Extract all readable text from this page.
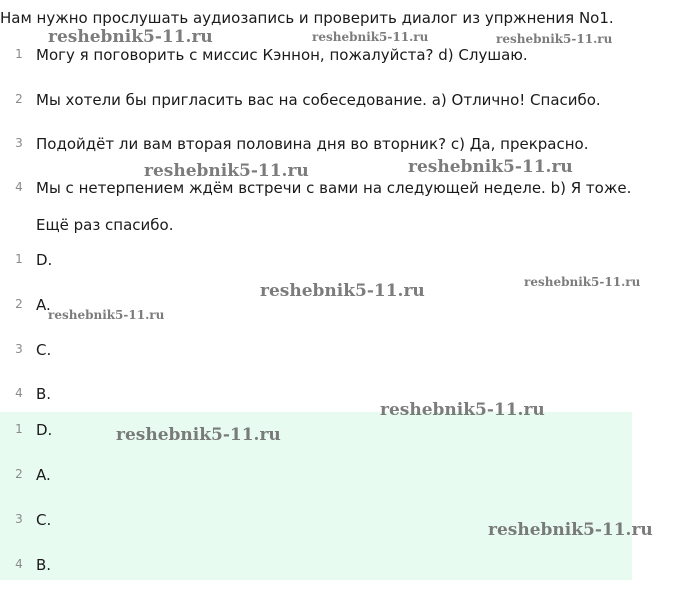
Нам нужно прослушать аудиозапись и проверить диалог из упржнения No1.
1 Могу я поговорить с миссис Кэннон, пожалуйста? d) Слушаю.
2 Мы хотели бы пригласить вас на собеседование. a) Отлично! Спасибо.
3 Подойдёт ли вам вторая половина дня во вторник? c) Да, прекрасно.
4 Мы с нетерпением ждём встречи с вами на следующей неделе. b) Я тоже.
Ещё раз спасибо.
1 D.
2 A.
3 C.
4 B.
1 D.
2 A.
3 C.
4 B.
reshebnik5-11.ru	reshebnik5-11.ru	reshebnik5-11.ru
reshebnik5-11.ru	reshebnik5-11.ru
reshebnik5-11.ru
reshebnik5-11.ru
reshebnik5-11.ru
reshebnik5-11.ru
reshebnik5-11.ru
reshebnik5-11.ru
